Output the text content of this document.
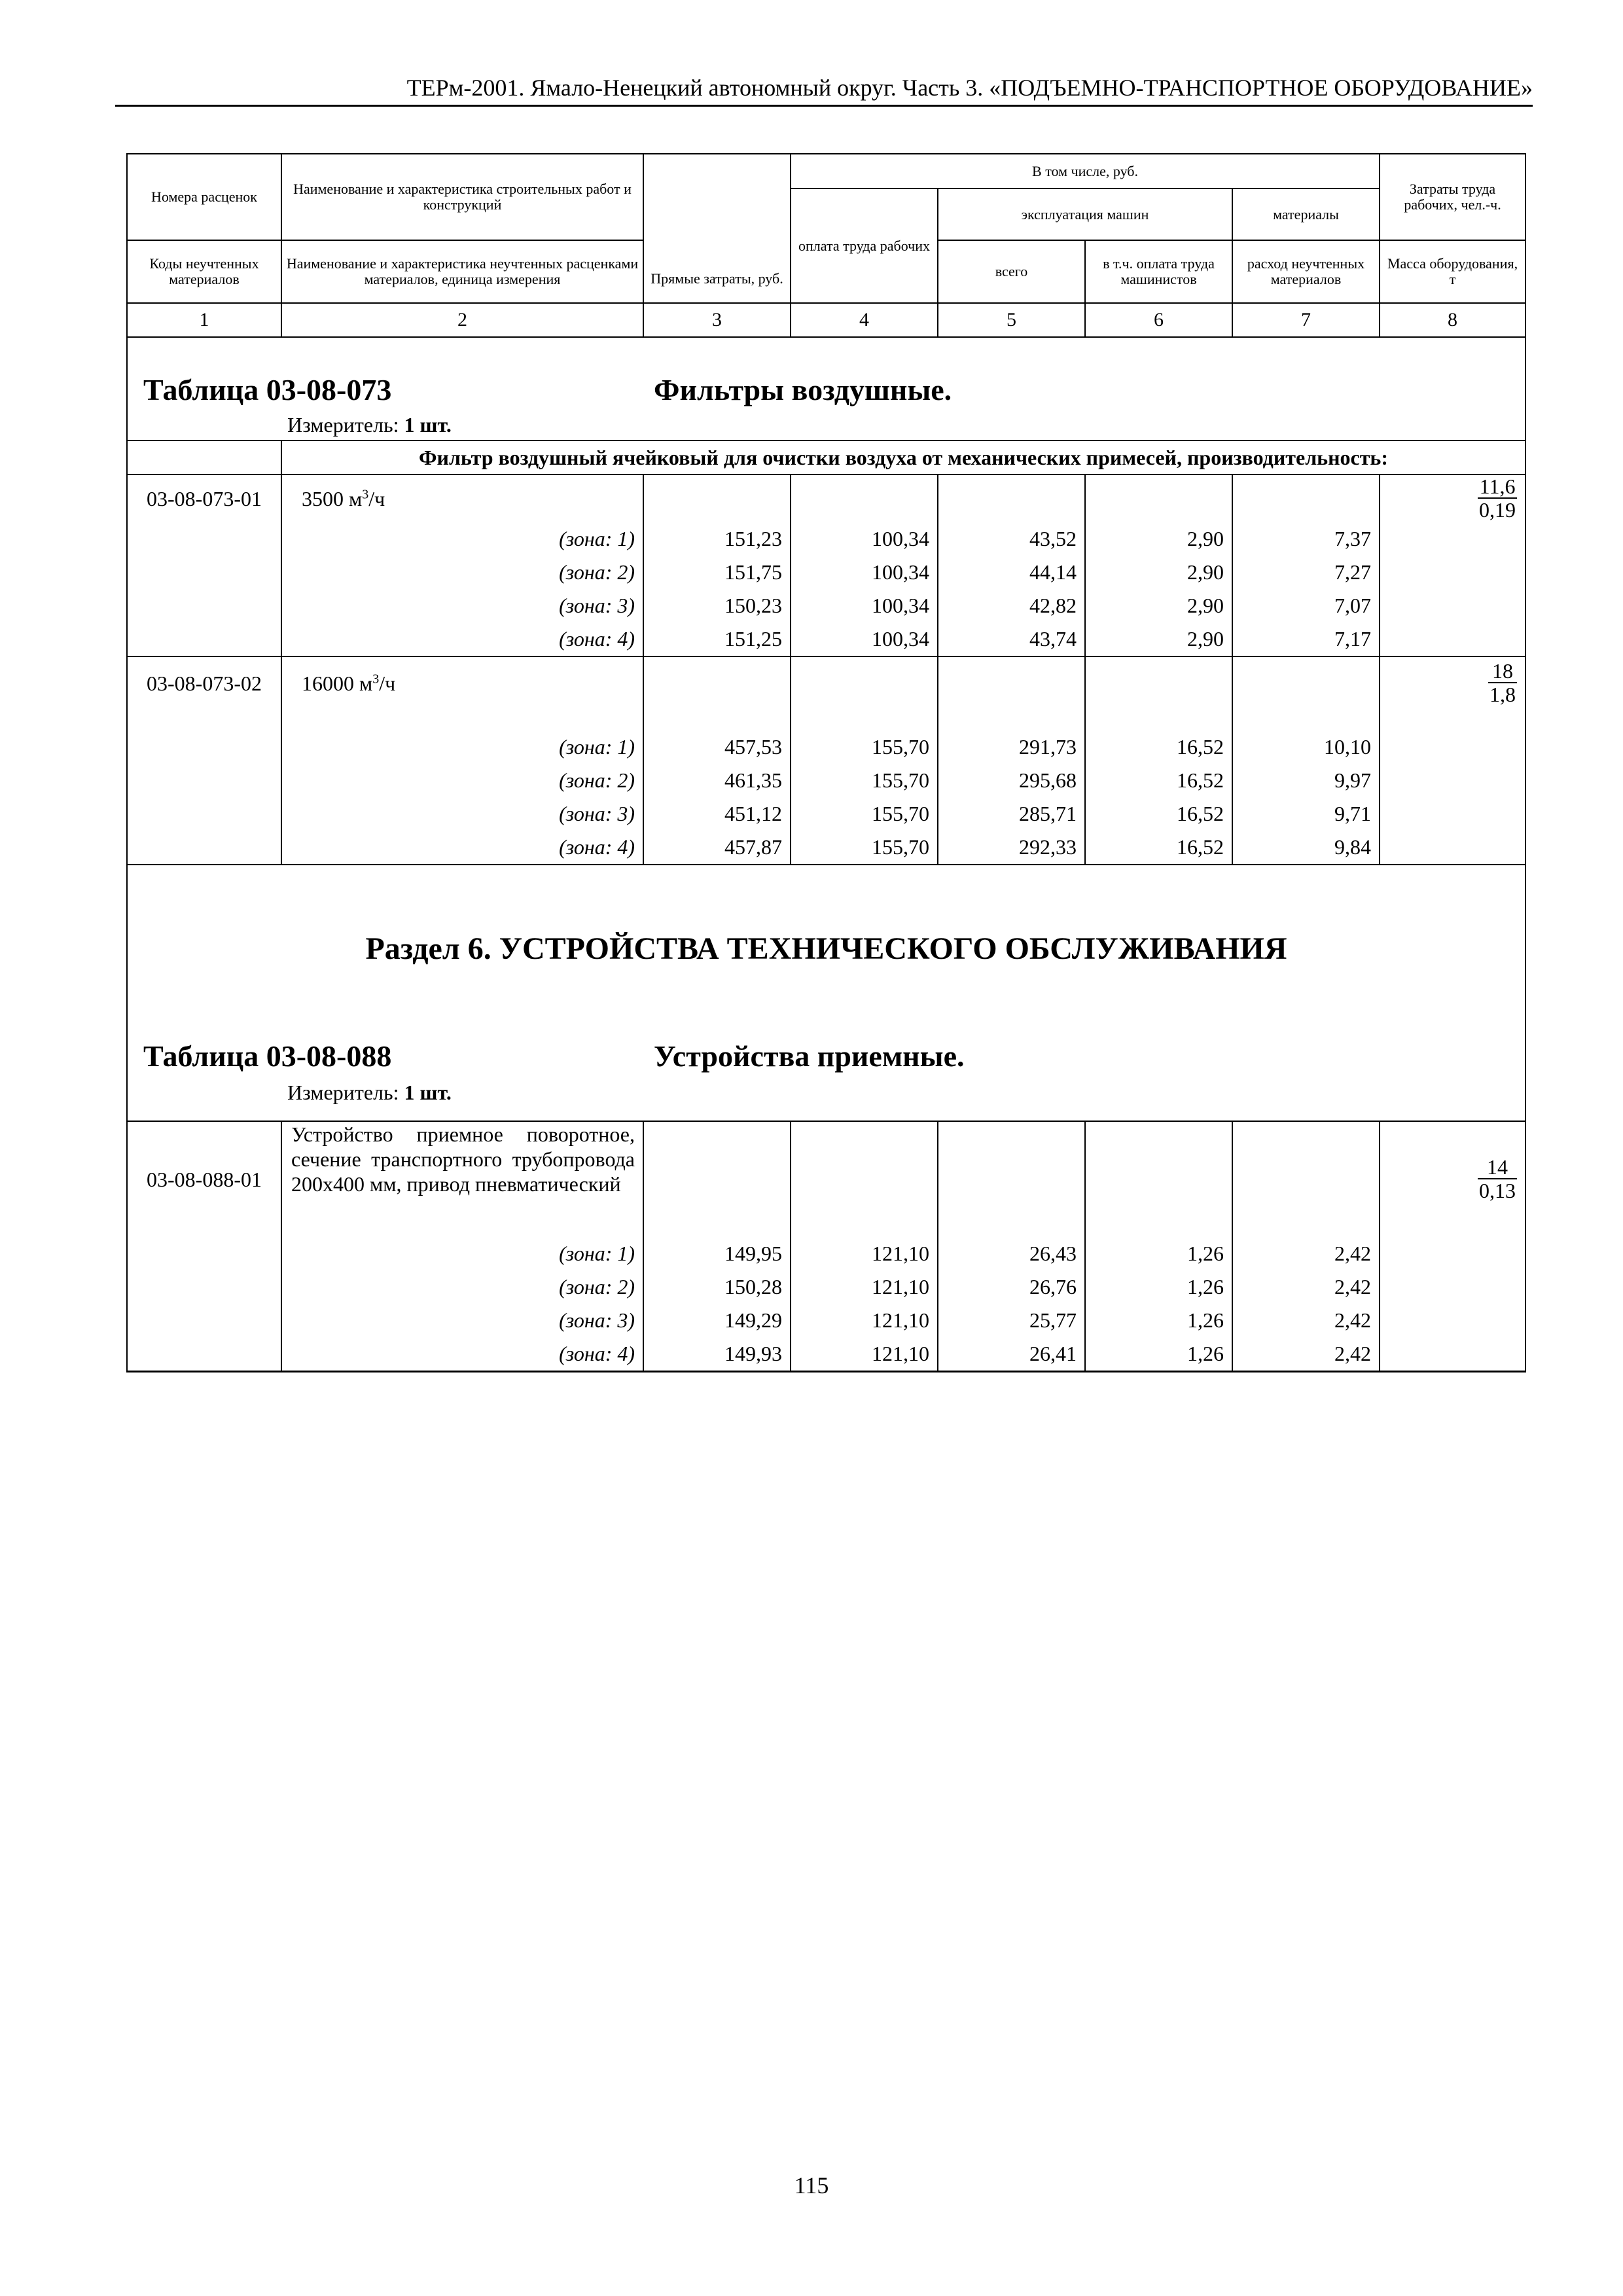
ТЕРм-2001. Ямало-Ненецкий автономный округ. Часть 3. «ПОДЪЕМНО-ТРАНСПОРТНОЕ ОБОРУДОВАНИЕ»
Номера расценок	Наименование и характеристика строительных работ и конструкций	Прямые затраты, руб.	В том числе, руб.				Затраты труда рабочих, чел.-ч.
			оплата труда рабочих	эксплуатация машин		материалы	
Коды неучтенных материалов	Наименование и характеристика неучтенных расценками материалов, единица измерения			всего	в т.ч. оплата труда машинистов	расход неучтенных материалов	Масса оборудования, т
1	2	3	4	5	6	7	8

Таблица 03-08-073 Фильтры воздушные.
Измеритель: 1 шт.							

	Фильтр воздушный ячейковый для очистки воздуха от механических примесей, производительность:						
03-08-073-01	3500 $м^3/ч$						$\frac{11,6}{0,19}$

	(зона: 1)	151,23	100,34	43,52	2,90	7,37	
	(зона: 2)	151,75	100,34	44,14	2,90	7,27	
	(зона: 3)	150,23	100,34	42,82	2,90	7,07	
	(зона: 4)	151,25	100,34	43,74	2,90	7,17	
03-08-073-02	16000 $м^3/ч$						$\frac{18}{1,8}$

	(зона: 1)	457,53	155,70	291,73	16,52	10,10	
	(зона: 2)	461,35	155,70	295,68	16,52	9,97	
	(зона: 3)	451,12	155,70	285,71	16,52	9,71	
	(зона: 4)	457,87	155,70	292,33	16,52	9,84	

Раздел 6. УСТРОЙСТВА ТЕХНИЧЕСКОГО ОБСЛУЖИВАНИЯ
Таблица 03-08-088 Устройства приемные.
Измеритель: 1 шт.							

03-08-088-01	Устройство приемное поворотное, сечение транспортного трубопровода 200х400 мм, привод пневматический						$\frac{14}{0,13}$

	(зона: 1)	149,95	121,10	26,43	1,26	2,42	
	(зона: 2)	150,28	121,10	26,76	1,26	2,42	
	(зона: 3)	149,29	121,10	25,77	1,26	2,42	
	(зона: 4)	149,93	121,10	26,41	1,26	2,42	
115
